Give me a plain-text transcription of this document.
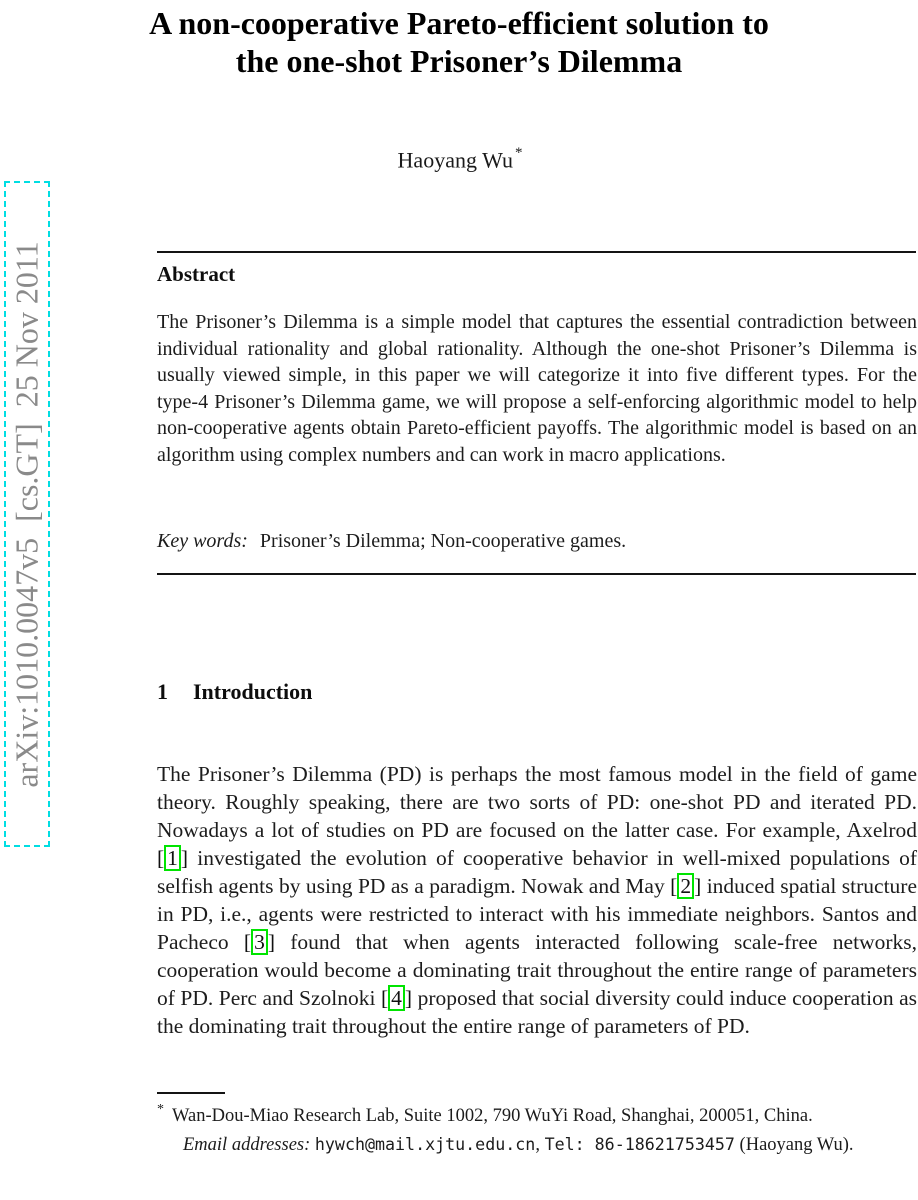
A non-cooperative Pareto-efficient solution to
the one-shot Prisoner’s Dilemma
Haoyang Wu *
arXiv:1010.0047v5  [cs.GT]  25 Nov 2011	Abstract
The Prisoner’s Dilemma is a simple model that captures the essential contradiction between individual rationality and global rationality. Although the one-shot Prisoner’s Dilemma is usually viewed simple, in this paper we will categorize it into five different types. For the type-4 Prisoner’s Dilemma game, we will propose a self-enforcing algorithmic model to help non-cooperative agents obtain Pareto-efficient payoffs. The algorithmic model is based on an algorithm using complex numbers and can work in macro applications.
Key words: Prisoner’s Dilemma; Non-cooperative games.
1 Introduction
The Prisoner’s Dilemma (PD) is perhaps the most famous model in the field of game theory. Roughly speaking, there are two sorts of PD: one-shot PD and iterated PD. Nowadays a lot of studies on PD are focused on the latter case. For example, Axelrod [ 1 ] investigated the evolution of cooperative behavior in well-mixed populations of selfish agents by using PD as a paradigm. Nowak and May [ 2 ] induced spatial structure in PD, i.e., agents were restricted to interact with his immediate neighbors. Santos and Pacheco [ 3 ] found that when agents interacted following scale-free networks, cooperation would become a dominating trait throughout the entire range of parameters of PD. Perc and Szolnoki [ 4 ] proposed that social diversity could induce cooperation as the dominating trait throughout the entire range of parameters of PD.

* Wan-Dou-Miao Research Lab, Suite 1002, 790 WuYi Road, Shanghai, 200051, China.

Email addresses: hywch@mail.xjtu.edu.cn, Tel: 86-18621753457 (Haoyang Wu).
